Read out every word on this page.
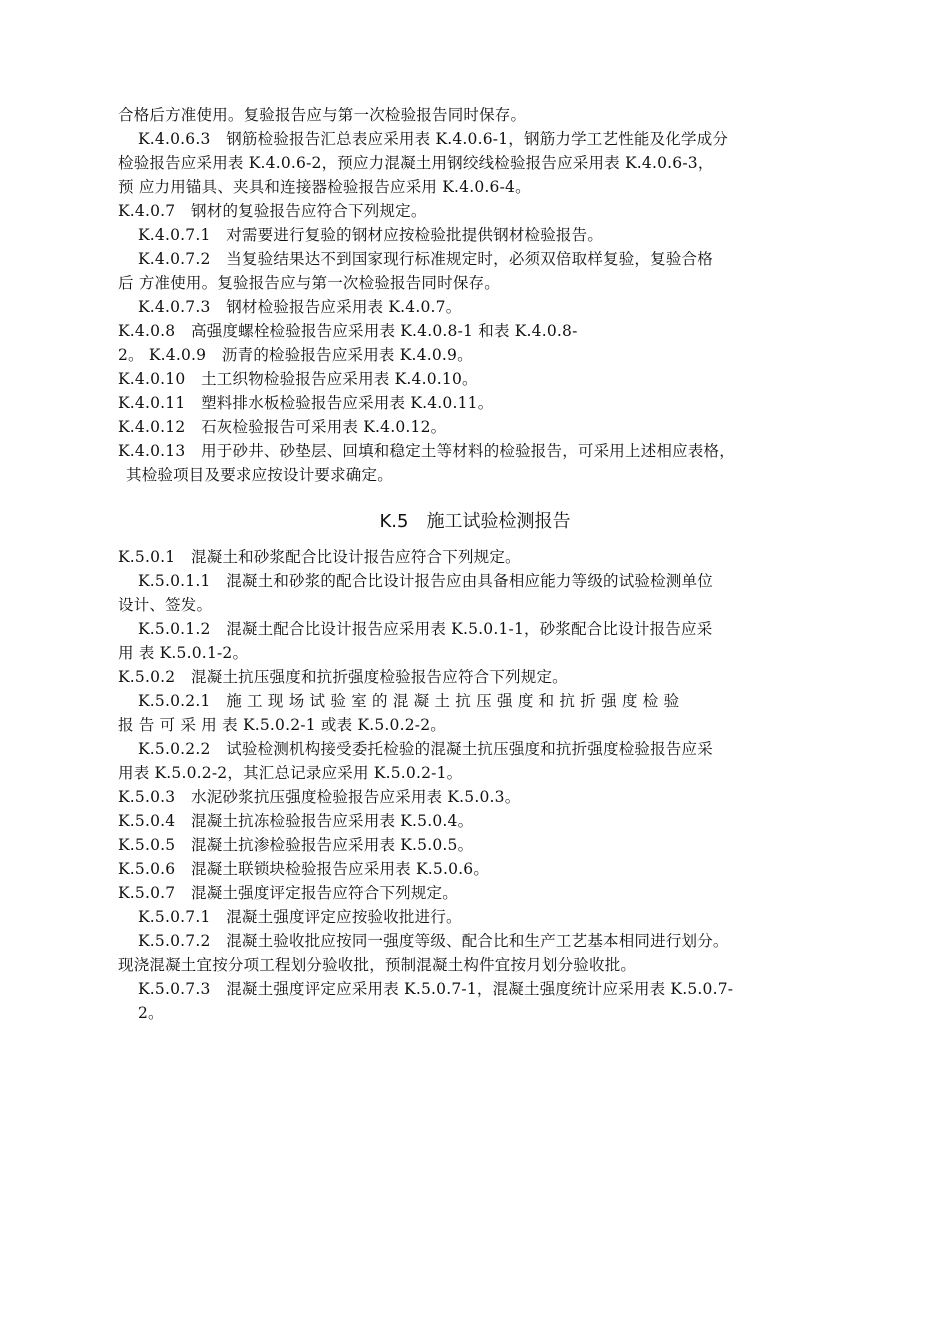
合格后方准使用。复验报告应与第一次检验报告同时保存。
K.4.0.6.3　钢筋检验报告汇总表应采用表 K.4.0.6-1，钢筋力学工艺性能及化学成分
检验报告应采用表 K.4.0.6-2，预应力混凝土用钢绞线检验报告应采用表 K.4.0.6-3，
预 应力用锚具、夹具和连接器检验报告应采用 K.4.0.6-4。
K.4.0.7　钢材的复验报告应符合下列规定。
K.4.0.7.1　对需要进行复验的钢材应按检验批提供钢材检验报告。
K.4.0.7.2　当复验结果达不到国家现行标准规定时，必须双倍取样复验，复验合格
后 方准使用。复验报告应与第一次检验报告同时保存。
K.4.0.7.3　钢材检验报告应采用表 K.4.0.7。
K.4.0.8　高强度螺栓检验报告应采用表 K.4.0.8-1 和表 K.4.0.8-
2。 K.4.0.9　沥青的检验报告应采用表 K.4.0.9。
K.4.0.10　土工织物检验报告应采用表 K.4.0.10。
K.4.0.11　塑料排水板检验报告应采用表 K.4.0.11。
K.4.0.12　石灰检验报告可采用表 K.4.0.12。
K.4.0.13　用于砂井、砂垫层、回填和稳定土等材料的检验报告，可采用上述相应表格，
其检验项目及要求应按设计要求确定。
K.5　施工试验检测报告
K.5.0.1　混凝土和砂浆配合比设计报告应符合下列规定。
K.5.0.1.1　混凝土和砂浆的配合比设计报告应由具备相应能力等级的试验检测单位
设计、签发。
K.5.0.1.2　混凝土配合比设计报告应采用表 K.5.0.1-1，砂浆配合比设计报告应采
用 表 K.5.0.1-2。
K.5.0.2　混凝土抗压强度和抗折强度检验报告应符合下列规定。
K.5.0.2.1　施 工 现 场 试 验 室 的 混 凝 土 抗 压 强 度 和 抗 折 强 度 检 验
报 告 可 采 用 表 K.5.0.2-1 或表 K.5.0.2-2。
K.5.0.2.2　试验检测机构接受委托检验的混凝土抗压强度和抗折强度检验报告应采
用表 K.5.0.2-2，其汇总记录应采用 K.5.0.2-1。
K.5.0.3　水泥砂浆抗压强度检验报告应采用表 K.5.0.3。
K.5.0.4　混凝土抗冻检验报告应采用表 K.5.0.4。
K.5.0.5　混凝土抗渗检验报告应采用表 K.5.0.5。
K.5.0.6　混凝土联锁块检验报告应采用表 K.5.0.6。
K.5.0.7　混凝土强度评定报告应符合下列规定。
K.5.0.7.1　混凝土强度评定应按验收批进行。
K.5.0.7.2　混凝土验收批应按同一强度等级、配合比和生产工艺基本相同进行划分。
现浇混凝土宜按分项工程划分验收批，预制混凝土构件宜按月划分验收批。
K.5.0.7.3　混凝土强度评定应采用表 K.5.0.7-1，混凝土强度统计应采用表 K.5.0.7-
2。
